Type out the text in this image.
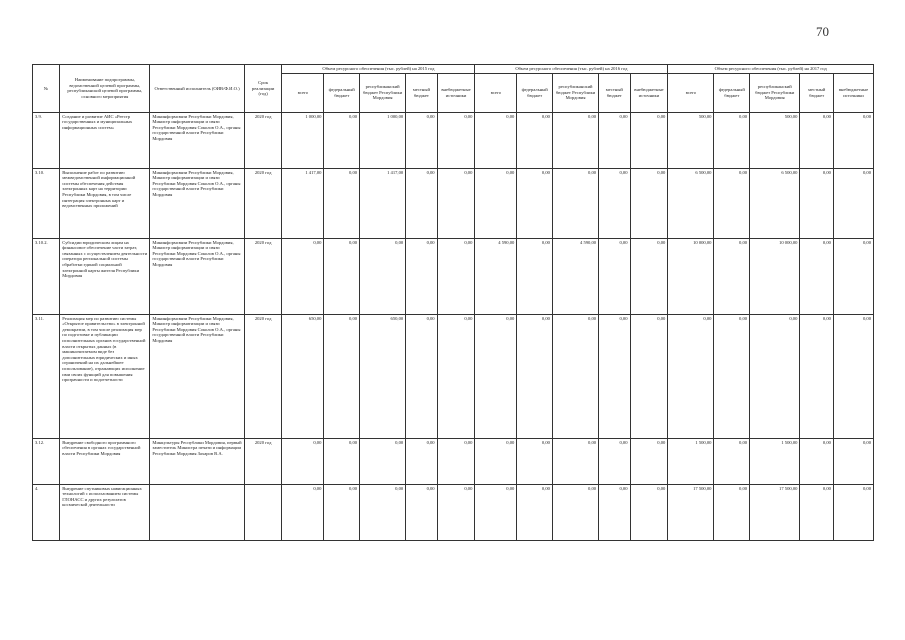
70
№	Наименование подпрограммы, ведомственной целевой программы, республиканской целевой программы, основного мероприятия	Ответственный исполнитель (ОИВ/Ф.И.О.)	Срок реализации (год)	Объем ресурсного обеспечения (тыс. рублей) на 2015 год					Объем ресурсного обеспечения (тыс. рублей) на 2016 год					Объем ресурсного обеспечения (тыс. рублей) на 2017 год				
				всего	федеральный бюджет	республиканский бюджет Республики Мордовия	местный бюджет	внебюджетные источники	всего	федеральный бюджет	республиканский бюджет Республики Мордовия	местный бюджет	внебюджетные источники	всего	федеральный бюджет	республиканский бюджет Республики Мордовия	местный бюджет	внебюджетные источники
3.9.	Создание и развитие АИС «Реестр государственных и муниципальных информационных систем»	Мининформсвязи Республики Мордовия, Министр информатизации и связи Республики Мордовия Соколов О.А., органы государственной власти Республики Мордовия	2020 год	1 000,00	0,00	1 000,00	0,00	0,00	0,00	0,00	0,00	0,00	0,00	500,00	0,00	500,00	0,00	0,00
3.10.	Выполнение работ по развитию межведомственной информационной системы обеспечения действия электронных карт на территории Республики Мордовия, в том числе интеграция электронных карт и ведомственных приложений	Мининформсвязи Республики Мордовия, Министр информатизации и связи Республики Мордовия Соколов О.А., органы государственной власти Республики Мордовия	2020 год	1 417,00	0,00	1 417,00	0,00	0,00	0,00	0,00	0,00	0,00	0,00	6 500,00	0,00	6 500,00	0,00	0,00
3.10.2.	Субсидии юридическим лицам на финансовое обеспечение части затрат, связанных с осуществлением деятельности оператора региональной системы обработки единой социальной электронной карты жителя Республики Мордовия	Мининформсвязи Республики Мордовия, Министр информатизации и связи Республики Мордовия Соколов О.А., органы государственной власти Республики Мордовия	2020 год	0,00	0,00	0,00	0,00	0,00	4 590,00	0,00	4 590,00	0,00	0,00	10 000,00	0,00	10 000,00	0,00	0,00
3.11.	Реализация мер по развитию системы «Открытое правительство» в электронной демократии, в том числе реализация мер по подготовке и публикации исполнительных органов государственной власти открытых данных (в машиночитаемом виде без дополнительных юридических и иных ограничений на их дальнейшее использование), отражающих исполнение ими своих функций для повышения прозрачности и подотчетности	Мининформсвязи Республики Мордовия, Министр информатизации и связи Республики Мордовия Соколов О.А., органы государственной власти Республики Мордовия	2020 год	650,00	0,00	650,00	0,00	0,00	0,00	0,00	0,00	0,00	0,00	0,00	0,00	0,00	0,00	0,00
3.12.	Внедрение свободного программного обеспечения в органах государственной власти Республики Мордовия	Минкультуры Республики Мордовия, первый заместитель Министра печати и информации Республики Мордовия Захаров В.А.	2020 год	0,00	0,00	0,00	0,00	0,00	0,00	0,00	0,00	0,00	0,00	1 500,00	0,00	1 500,00	0,00	0,00
4.	Внедрение спутниковых навигационных технологий с использованием системы ГЛОНАСС и других результатов космической деятельности			0,00	0,00	0,00	0,00	0,00	0,00	0,00	0,00	0,00	0,00	17 500,00	0,00	17 500,00	0,00	0,00
